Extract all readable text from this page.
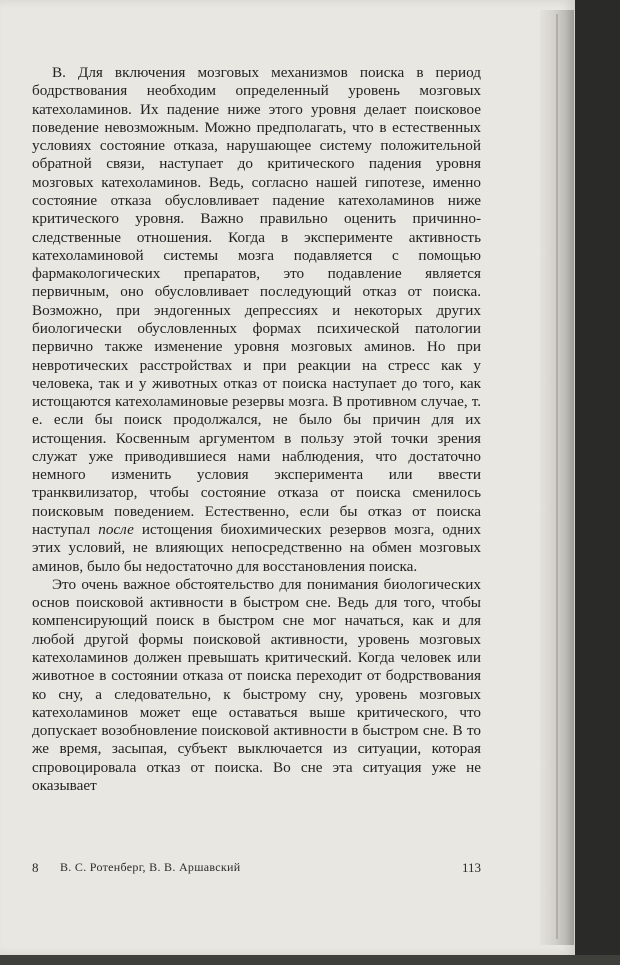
В. Для включения мозговых механизмов поиска в период бодрствования необходим определенный уровень мозговых катехоламинов. Их падение ниже этого уровня делает поисковое поведение невозможным. Можно предполагать, что в естественных условиях состояние отказа, нарушающее систему положительной обратной связи, наступает до критического падения уровня мозговых катехоламинов. Ведь, согласно нашей гипотезе, именно состояние отказа обусловливает падение катехоламинов ниже критического уровня. Важно правильно оценить причинно-следственные отношения. Когда в эксперименте активность катехоламиновой системы мозга подавляется с помощью фармакологических препаратов, это подавление является первичным, оно обусловливает последующий отказ от поиска. Возможно, при эндогенных депрессиях и некоторых других биологически обусловленных формах психической патологии первично также изменение уровня мозговых аминов. Но при невротических расстройствах и при реакции на стресс как у человека, так и у животных отказ от поиска наступает до того, как истощаются катехоламиновые резервы мозга. В противном случае, т. е. если бы поиск продолжался, не было бы причин для их истощения. Косвенным аргументом в пользу этой точки зрения служат уже приводившиеся нами наблюдения, что достаточно немного изменить условия эксперимента или ввести транквилизатор, чтобы состояние отказа от поиска сменилось поисковым поведением. Естественно, если бы отказ от поиска наступал после истощения биохимических резервов мозга, одних этих условий, не влияющих непосредственно на обмен мозговых аминов, было бы недостаточно для восстановления поиска.

Это очень важное обстоятельство для понимания биологических основ поисковой активности в быстром сне. Ведь для того, чтобы компенсирующий поиск в быстром сне мог начаться, как и для любой другой формы поисковой активности, уровень мозговых катехоламинов должен превышать критический. Когда человек или животное в состоянии отказа от поиска переходит от бодрствования ко сну, а следовательно, к быстрому сну, уровень мозговых катехоламинов может еще оставаться выше критического, что допускает возобновление поисковой активности в быстром сне. В то же время, засыпая, субъект выключается из ситуации, которая спровоцировала отказ от поиска. Во сне эта ситуация уже не оказывает

8 В. С. Ротенберг, В. В. Аршавский	113
